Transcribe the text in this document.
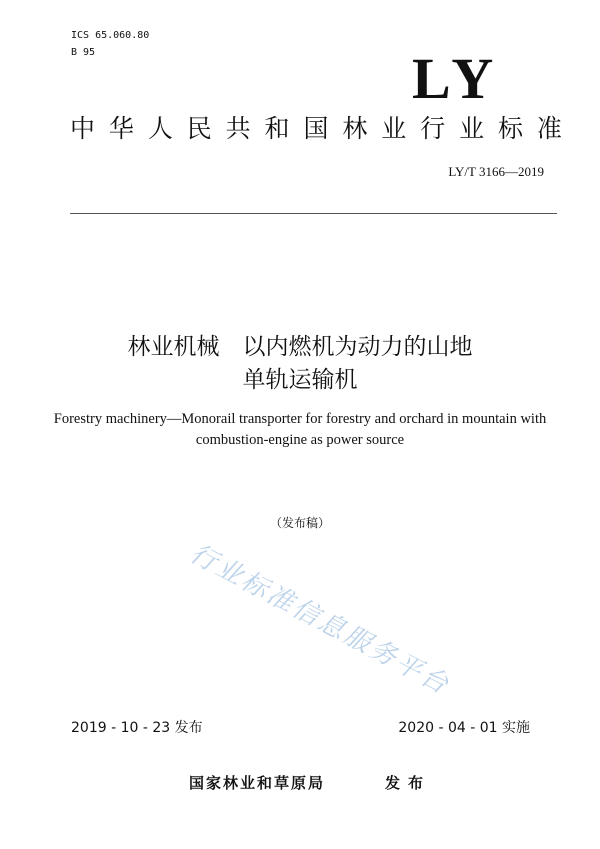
ICS 65.060.80
B 95	LY
中 华 人 民 共 和 国 林 业 行 业 标 准
LY/T 3166—2019
林业机械　以内燃机为动力的山地
单轨运输机
Forestry machinery—Monorail transporter for forestry and orchard in mountain with
combustion-engine as power source
（发布稿）
行业标准信息服务平台
2019 - 10 - 23 发布	2020 - 04 - 01 实施
国家林业和草原局	发布
